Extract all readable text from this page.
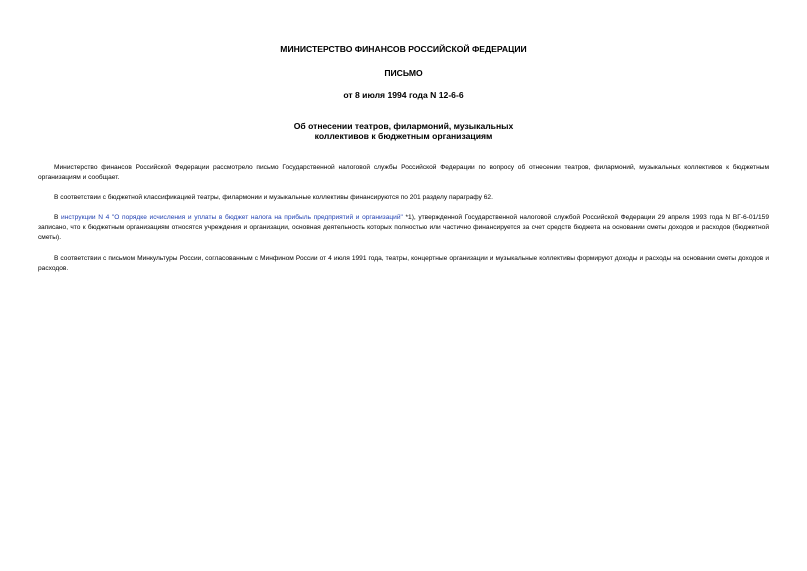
МИНИСТЕРСТВО ФИНАНСОВ РОССИЙСКОЙ ФЕДЕРАЦИИ
ПИСЬМО
от 8 июля 1994 года N 12-6-6
Об отнесении театров, филармоний, музыкальных
коллективов к бюджетным организациям

Министерство финансов Российской Федерации рассмотрело письмо Государственной налоговой службы Российской Федерации по вопросу об отнесении театров, филармоний, музыкальных коллективов к бюджетным организациям и сообщает.

В соответствии с бюджетной классификацией театры, филармонии и музыкальные коллективы финансируются по 201 разделу параграфу 62.

В инструкции N 4 "О порядке исчисления и уплаты в бюджет налога на прибыль предприятий и организаций" *1), утвержденной Государственной налоговой службой Российской Федерации 29 апреля 1993 года N ВГ-6-01/159 записано, что к бюджетным организациям относятся учреждения и организации, основная деятельность которых полностью или частично финансируется за счет средств бюджета на основании сметы доходов и расходов (бюджетной сметы).

В соответствии с письмом Минкультуры России, согласованным с Минфином России от 4 июля 1991 года, театры, концертные организации и музыкальные коллективы формируют доходы и расходы на основании сметы доходов и расходов.
